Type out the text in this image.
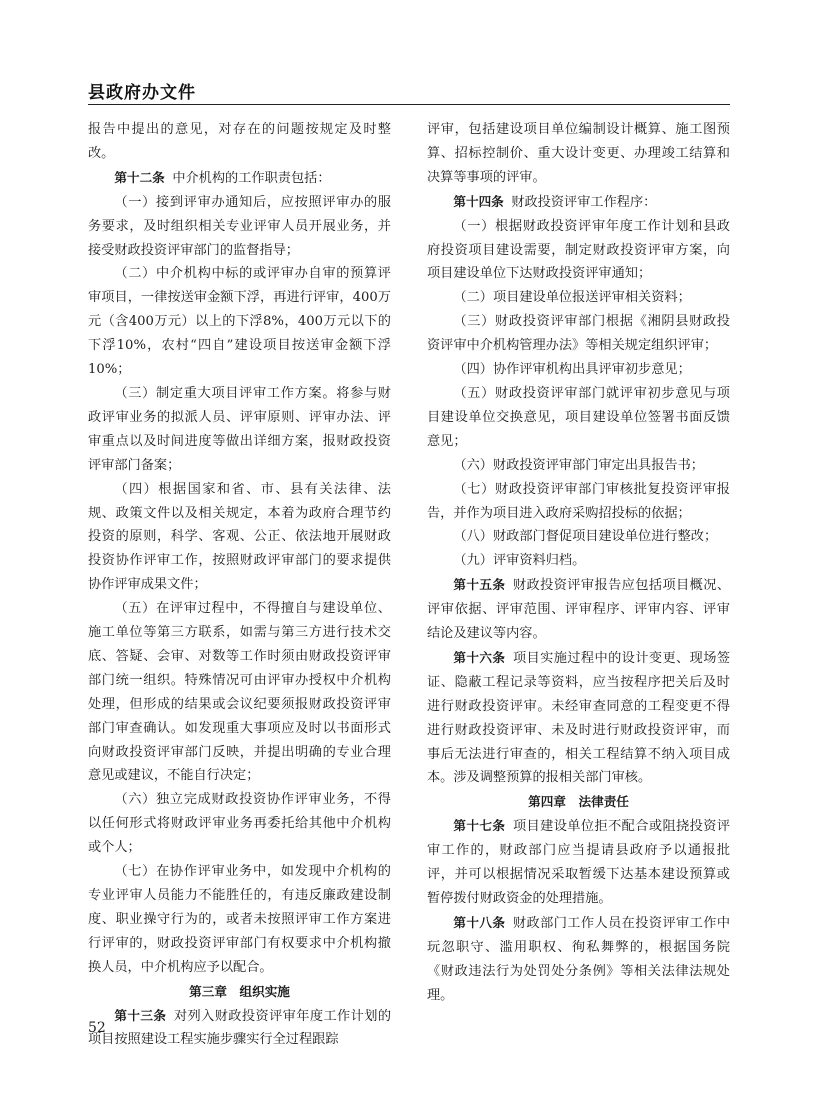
县政府办文件

报告中提出的意见，对存在的问题按规定及时整改。

第十二条 中介机构的工作职责包括：

（一）接到评审办通知后，应按照评审办的服务要求，及时组织相关专业评审人员开展业务，并接受财政投资评审部门的监督指导；

（二）中介机构中标的或评审办自审的预算评审项目，一律按送审金额下浮，再进行评审，400万元（含400万元）以上的下浮8%，400万元以下的下浮10%，农村“四自”建设项目按送审金额下浮10%；

（三）制定重大项目评审工作方案。将参与财政评审业务的拟派人员、评审原则、评审办法、评审重点以及时间进度等做出详细方案，报财政投资评审部门备案；

（四）根据国家和省、市、县有关法律、法规、政策文件以及相关规定，本着为政府合理节约投资的原则，科学、客观、公正、依法地开展财政投资协作评审工作，按照财政评审部门的要求提供协作评审成果文件；

（五）在评审过程中，不得擅自与建设单位、施工单位等第三方联系，如需与第三方进行技术交底、答疑、会审、对数等工作时须由财政投资评审部门统一组织。特殊情况可由评审办授权中介机构处理，但形成的结果或会议纪要须报财政投资评审部门审查确认。如发现重大事项应及时以书面形式向财政投资评审部门反映，并提出明确的专业合理意见或建议，不能自行决定；

（六）独立完成财政投资协作评审业务，不得以任何形式将财政评审业务再委托给其他中介机构或个人；

（七）在协作评审业务中，如发现中介机构的专业评审人员能力不能胜任的，有违反廉政建设制度、职业操守行为的，或者未按照评审工作方案进行评审的，财政投资评审部门有权要求中介机构撤换人员，中介机构应予以配合。

第三章　组织实施

第十三条 对列入财政投资评审年度工作计划的项目按照建设工程实施步骤实行全过程跟踪

评审，包括建设项目单位编制设计概算、施工图预算、招标控制价、重大设计变更、办理竣工结算和决算等事项的评审。

第十四条 财政投资评审工作程序：

（一）根据财政投资评审年度工作计划和县政府投资项目建设需要，制定财政投资评审方案，向项目建设单位下达财政投资评审通知；

（二）项目建设单位报送评审相关资料；

（三）财政投资评审部门根据《湘阴县财政投资评审中介机构管理办法》等相关规定组织评审；

（四）协作评审机构出具评审初步意见；

（五）财政投资评审部门就评审初步意见与项目建设单位交换意见，项目建设单位签署书面反馈意见；

（六）财政投资评审部门审定出具报告书；

（七）财政投资评审部门审核批复投资评审报告，并作为项目进入政府采购招投标的依据；

（八）财政部门督促项目建设单位进行整改；

（九）评审资料归档。

第十五条 财政投资评审报告应包括项目概况、评审依据、评审范围、评审程序、评审内容、评审结论及建议等内容。

第十六条 项目实施过程中的设计变更、现场签证、隐蔽工程记录等资料，应当按程序把关后及时进行财政投资评审。未经审查同意的工程变更不得进行财政投资评审、未及时进行财政投资评审，而事后无法进行审查的，相关工程结算不纳入项目成本。涉及调整预算的报相关部门审核。

第四章　法律责任

第十七条 项目建设单位拒不配合或阻挠投资评审工作的，财政部门应当提请县政府予以通报批评，并可以根据情况采取暂缓下达基本建设预算或暂停拨付财政资金的处理措施。

第十八条 财政部门工作人员在投资评审工作中玩忽职守、滥用职权、徇私舞弊的，根据国务院《财政违法行为处罚处分条例》等相关法律法规处理。

52
